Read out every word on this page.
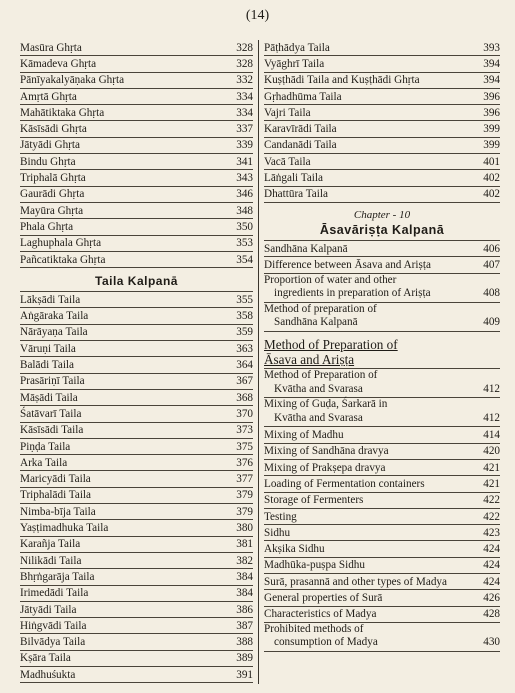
(14)
Masūra Ghṛta	328
Kāmadeva Ghṛta	328
Pānīyakalyāṇaka Ghṛta	332
Amṛtā Ghṛta	334
Mahātiktaka Ghṛta	334
Kāsīsādi Ghṛta	337
Jātyādi Ghṛta	339
Bindu Ghṛta	341
Triphalā Ghṛta	343
Gaurādi Ghṛta	346
Mayūra Ghṛta	348
Phala Ghṛta	350
Laghuphala Ghṛta	353
Pañcatiktaka Ghṛta	354
Taila Kalpanā
Lākṣādi Taila	355
Aṅgāraka Taila	358
Nārāyaṇa Taila	359
Vāruṇi Taila	363
Balādi Taila	364
Prasāriṇī Taila	367
Māṣādi Taila	368
Śatāvarī Taila	370
Kāsīsādi Taila	373
Piṇḍa Taila	375
Arka Taila	376
Maricyādi Taila	377
Triphalādi Taila	379
Nimba-bīja Taila	379
Yaṣṭimadhuka Taila	380
Karañja Taila	381
Nilikādi Taila	382
Bhṛṅgarāja Taila	384
Irimedādi Taila	384
Jātyādi Taila	386
Hiṅgvādi Taila	387
Bilvādya Taila	388
Kṣāra Taila	389
Madhuśukta	391
Pāṭhādya Taila	393
Vyāghrī Taila	394
Kuṣṭhādi Taila and Kuṣṭhādi Ghṛta	394
Gṛhadhūma Taila	396
Vajri Taila	396
Karavīrādi Taila	399
Candanādi Taila	399
Vacā Taila	401
Lāṅgali Taila	402
Dhattūra Taila	402
Chapter - 10
Āsavāriṣṭa Kalpanā
Sandhāna Kalpanā	406
Difference between Āsava and Ariṣṭa	407
Proportion of water and other
ingredients in preparation of Ariṣṭa	408
Method of preparation of
Sandhāna Kalpanā	409
Method of Preparation of
Āsava and Ariṣṭa
Method of Preparation of
Kvātha and Svarasa	412
Mixing of Guḍa, Śarkarā in
Kvātha and Svarasa	412
Mixing of Madhu	414
Mixing of Sandhāna dravya	420
Mixing of Prakṣepa dravya	421
Loading of Fermentation containers	421
Storage of Fermenters	422
Testing	422
Sidhu	423
Akṣika Sidhu	424
Madhūka-puṣpa Sidhu	424
Surā, prasannā and other types of Madya	424
General properties of Surā	426
Characteristics of Madya	428
Prohibited methods of
consumption of Madya	430
